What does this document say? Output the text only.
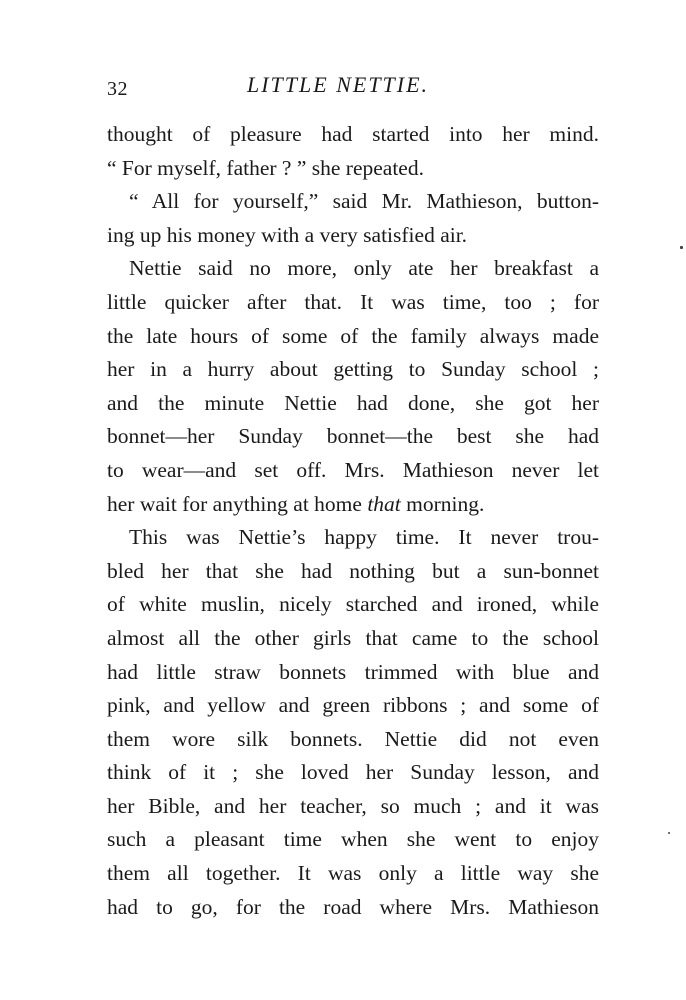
32	LITTLE NETTIE.
thought of pleasure had started into her mind.
“ For myself, father ? ” she repeated.
“ All for yourself,” said Mr. Mathieson, button-
ing up his money with a very satisfied air.
Nettie said no more, only ate her breakfast a
little quicker after that. It was time, too ; for
the late hours of some of the family always made
her in a hurry about getting to Sunday school ;
and the minute Nettie had done, she got her
bonnet—her Sunday bonnet—the best she had
to wear—and set off. Mrs. Mathieson never let
her wait for anything at home that morning.
This was Nettie’s happy time. It never trou-
bled her that she had nothing but a sun-bonnet
of white muslin, nicely starched and ironed, while
almost all the other girls that came to the school
had little straw bonnets trimmed with blue and
pink, and yellow and green ribbons ; and some of
them wore silk bonnets. Nettie did not even
think of it ; she loved her Sunday lesson, and
her Bible, and her teacher, so much ; and it was
such a pleasant time when she went to enjoy
them all together. It was only a little way she
had to go, for the road where Mrs. Mathieson
